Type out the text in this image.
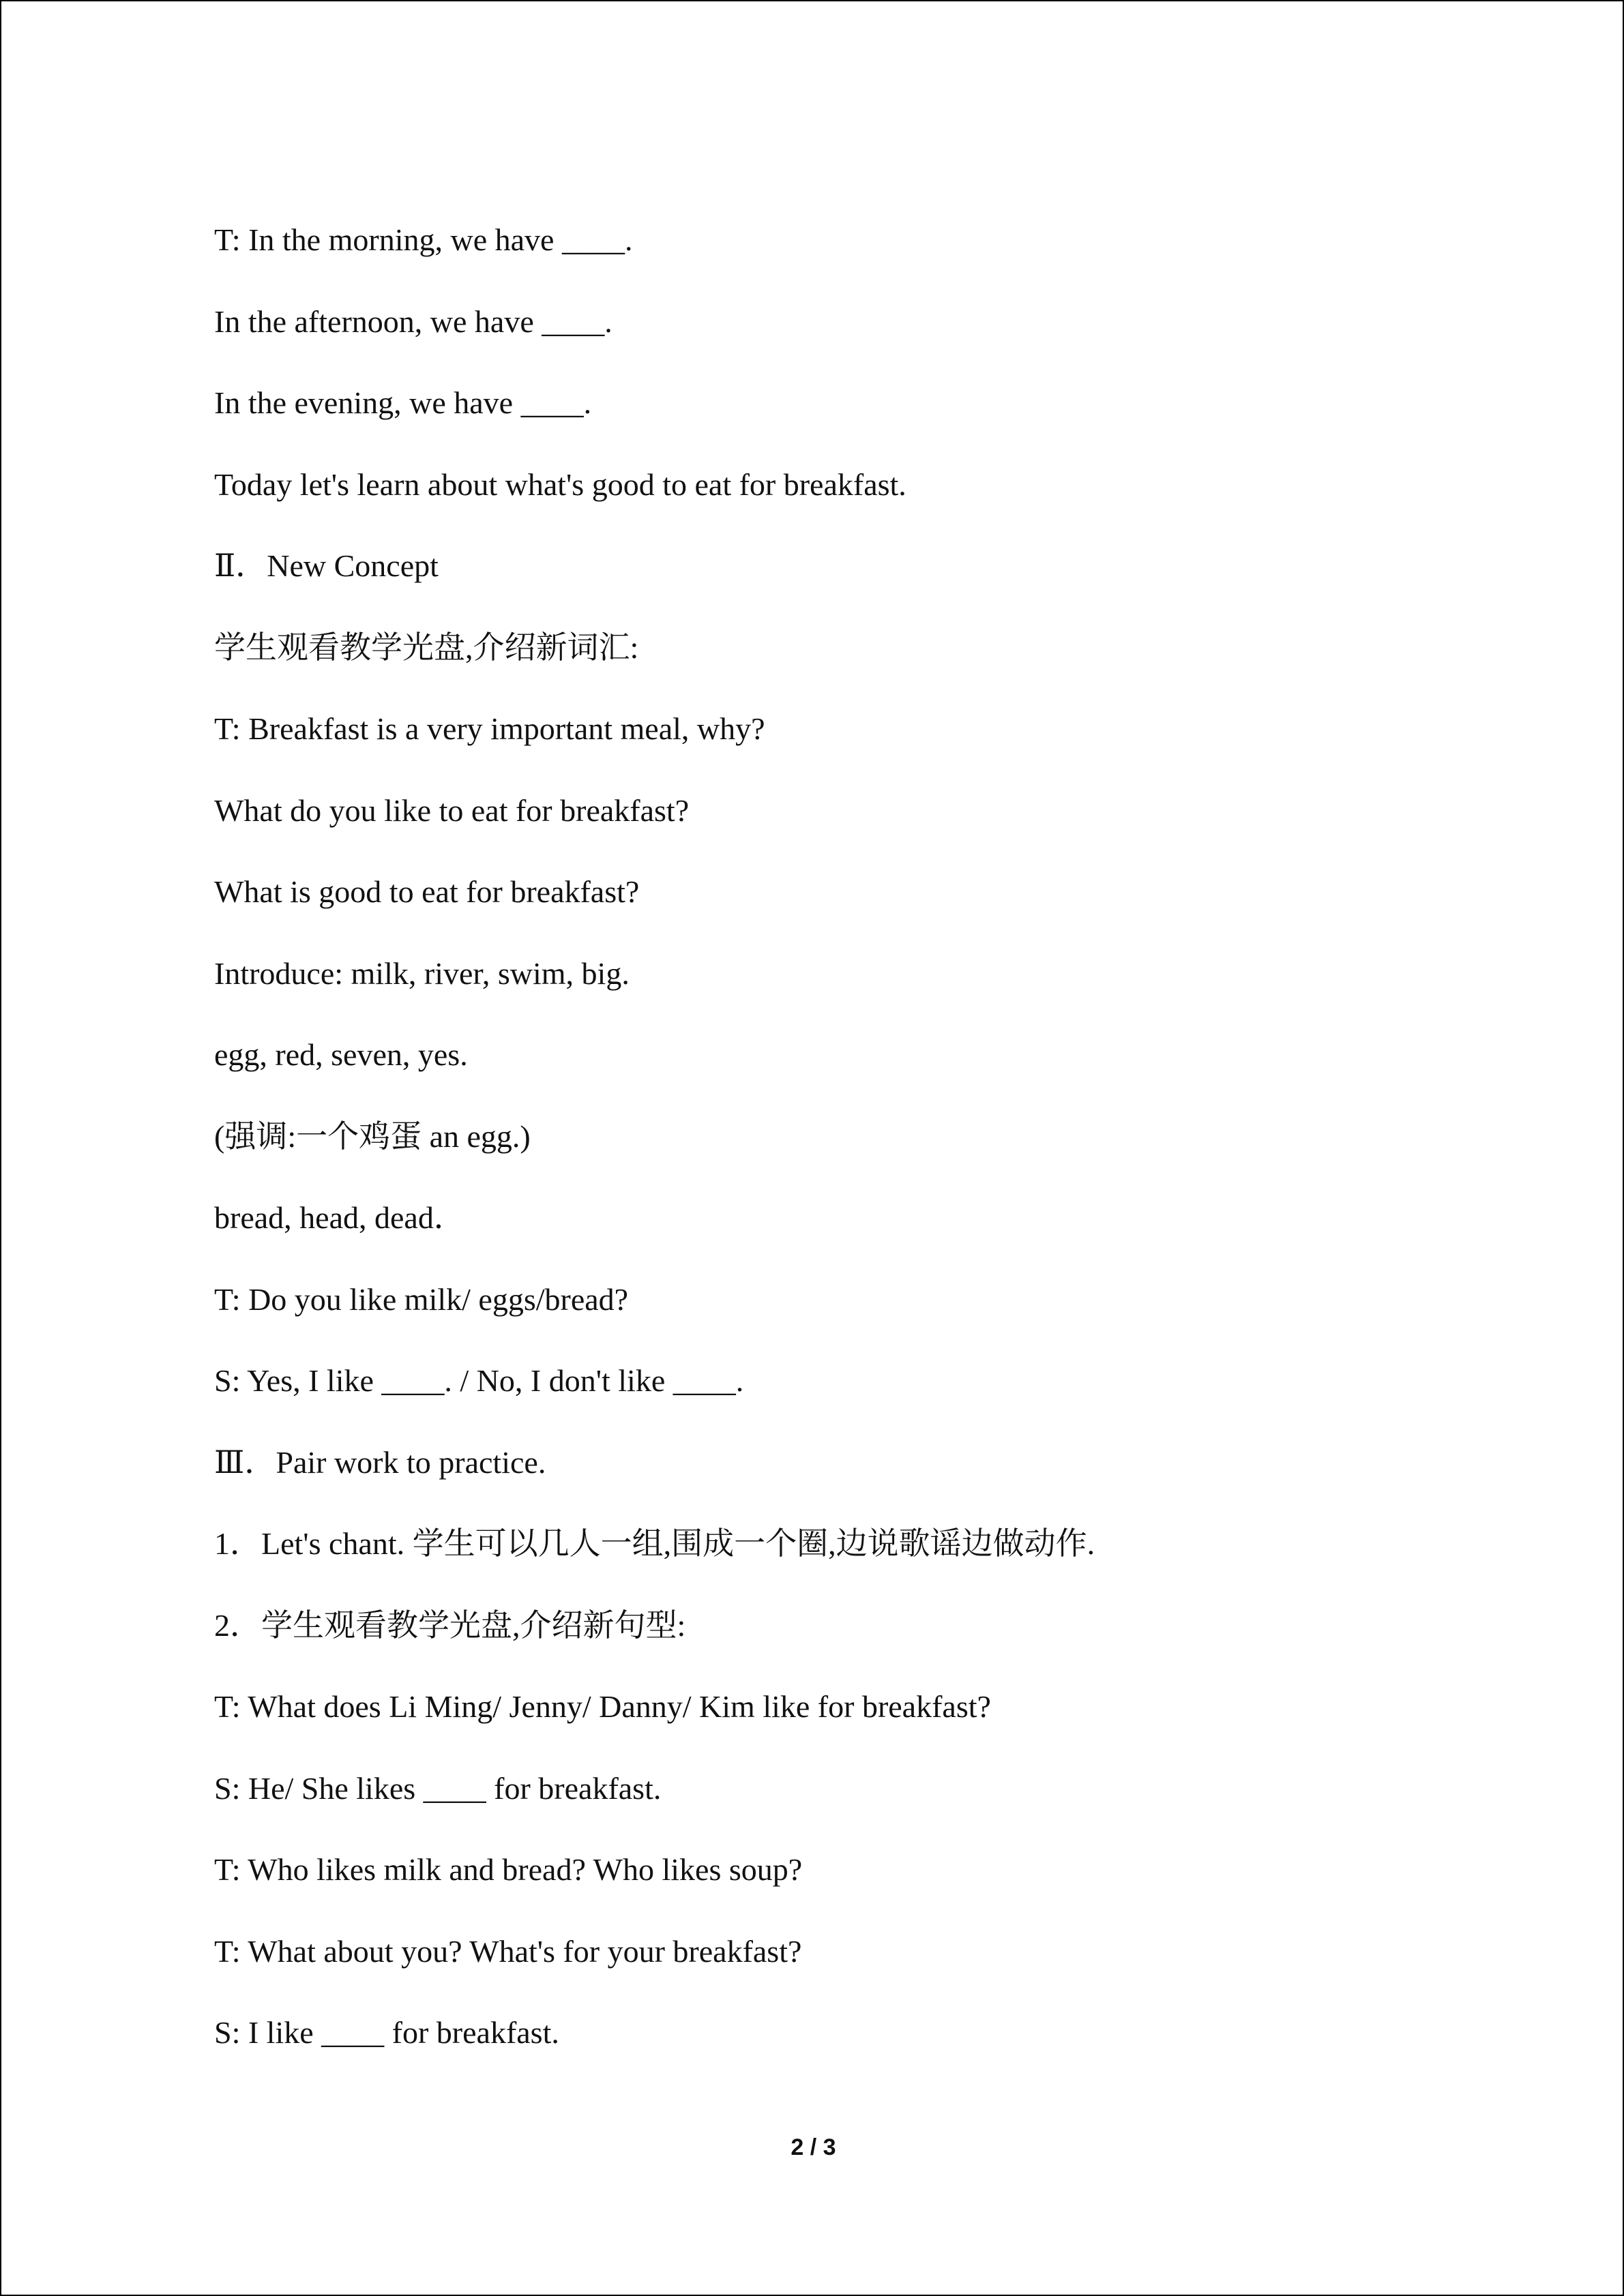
T: In the morning, we have ____.
In the afternoon, we have ____.
In the evening, we have ____.
Today let's learn about what's good to eat for breakfast.
Ⅱ．New Concept
学生观看教学光盘,介绍新词汇:
T: Breakfast is a very important meal, why?
What do you like to eat for breakfast?
What is good to eat for breakfast?
Introduce: milk, river, swim, big.
egg, red, seven, yes.
(强调:一个鸡蛋 an egg.)
bread, head, dead．
T: Do you like milk/ eggs/bread?
S: Yes, I like ____. / No, I don't like ____.
Ⅲ．Pair work to practice.
1．Let's chant. 学生可以几人一组,围成一个圈,边说歌谣边做动作.
2．学生观看教学光盘,介绍新句型:
T: What does Li Ming/ Jenny/ Danny/ Kim like for breakfast?
S: He/ She likes ____ for breakfast.
T: Who likes milk and bread? Who likes soup?
T: What about you? What's for your breakfast?
S: I like ____ for breakfast.
2 / 3
